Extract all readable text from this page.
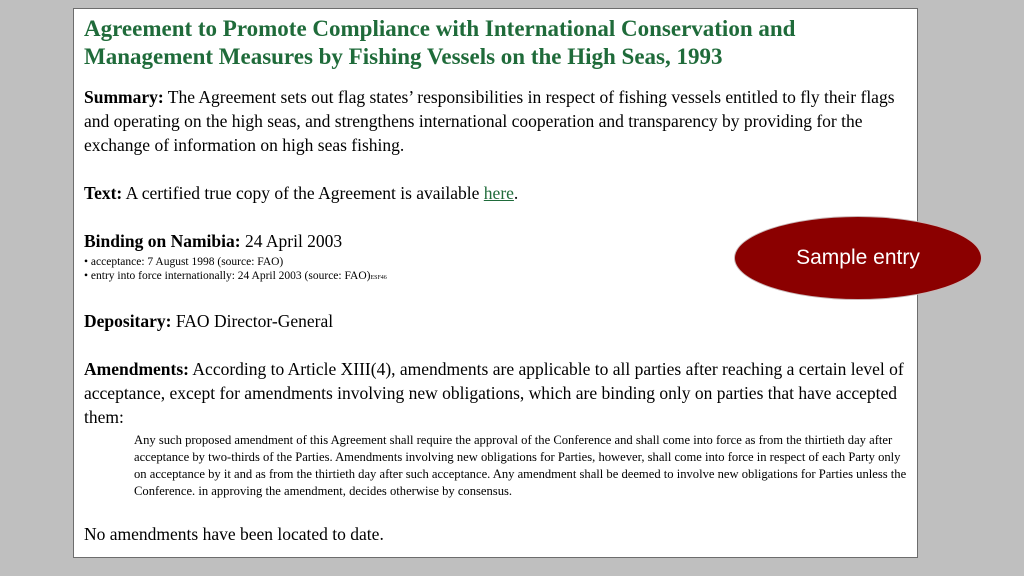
Agreement to Promote Compliance with International Conservation and Management Measures by Fishing Vessels on the High Seas, 1993

Summary: The Agreement sets out flag states’ responsibilities in respect of fishing vessels entitled to fly their flags and operating on the high seas, and strengthens international cooperation and transparency by providing for the exchange of information on high seas fishing.

Text: A certified true copy of the Agreement is available here.

Binding on Namibia: 24 April 2003

• acceptance: 7 August 1998 (source: FAO)
• entry into force internationally: 24 April 2003 (source: FAO)ESF46

Depositary: FAO Director-General

Amendments: According to Article XIII(4), amendments are applicable to all parties after reaching a certain level of acceptance, except for amendments involving new obligations, which are binding only on parties that have accepted them:

Any such proposed amendment of this Agreement shall require the approval of the Conference and shall come into force as from the thirtieth day after acceptance by two-thirds of the Parties. Amendments involving new obligations for Parties, however, shall come into force in respect of each Party only on acceptance by it and as from the thirtieth day after such acceptance. Any amendment shall be deemed to involve new obligations for Parties unless the Conference. in approving the amendment, decides otherwise by consensus.

No amendments have been located to date.

Sample entry
